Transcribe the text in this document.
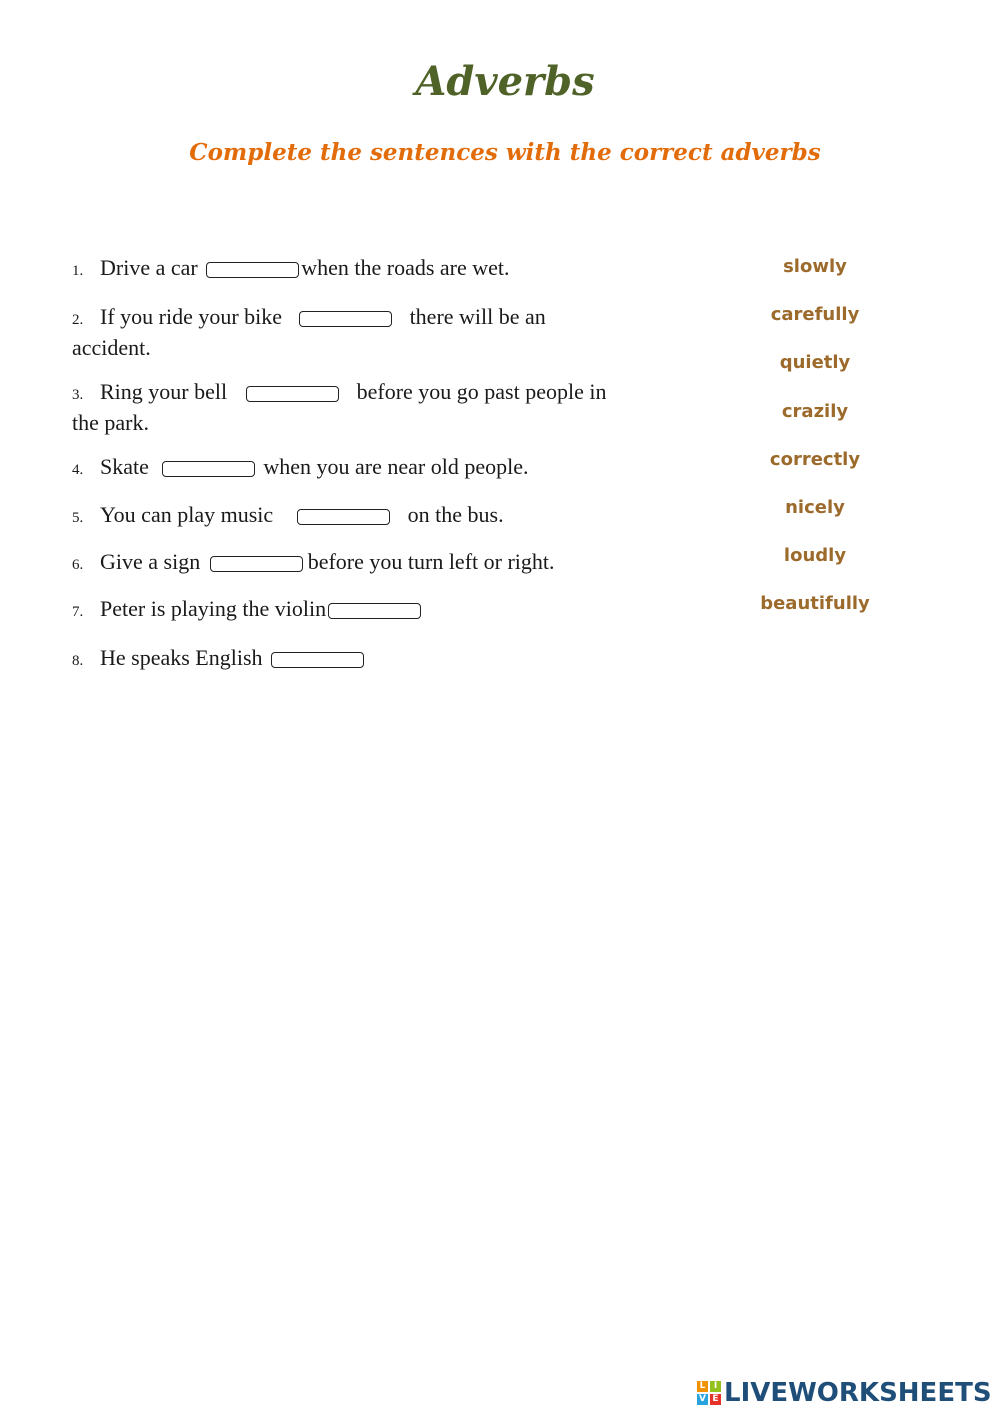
Adverbs
Complete the sentences with the correct adverbs
1. Drive a car	when the roads are wet.
2. If you ride your bike	there will be an
accident.
3. Ring your bell	before you go past people in
the park.
4. Skate	when you are near old people.
5. You can play music	on the bus.
6. Give a sign	before you turn left or right.
7. Peter is playing the violin
8. He speaks English
slowly
carefully
quietly
crazily
correctly
nicely
loudly
beautifully
L I
V E LIVEWORKSHEETS
